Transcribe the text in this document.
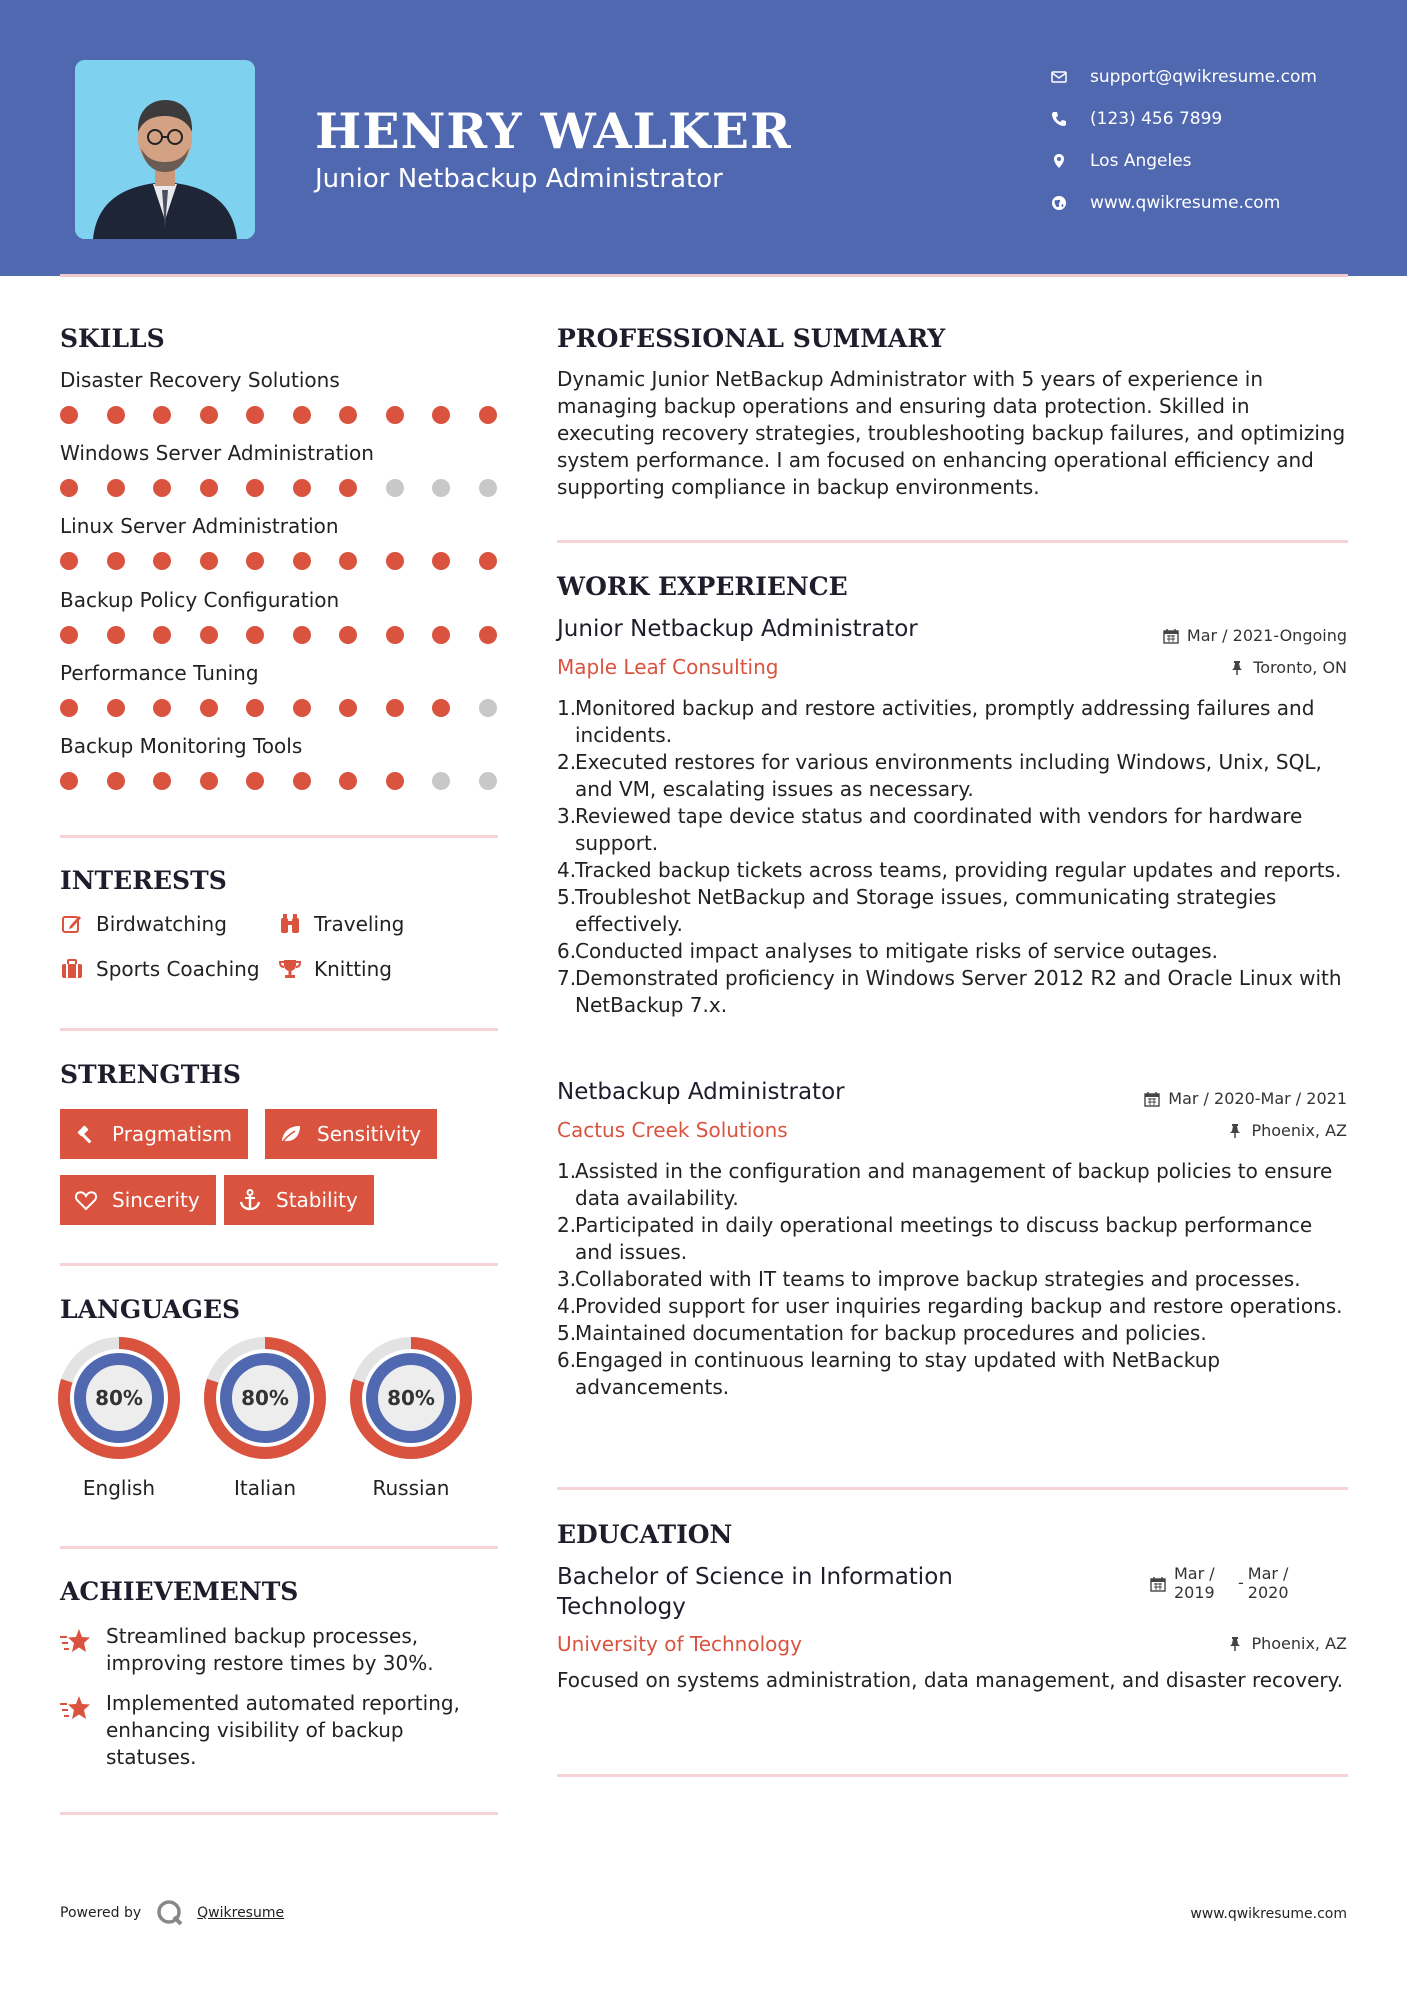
HENRY WALKER
Junior Netbackup Administrator
support@qwikresume.com
(123) 456 7899
Los Angeles
www.qwikresume.com
SKILLS
Disaster Recovery Solutions
Windows Server Administration
Linux Server Administration
Backup Policy Configuration
Performance Tuning
Backup Monitoring Tools
INTERESTS
Birdwatching	Traveling
Sports Coaching	Knitting
STRENGTHS
Pragmatism	Sensitivity
Sincerity	Stability
LANGUAGES
80%
English
80%
Italian
80%
Russian
ACHIEVEMENTS
Streamlined backup processes, improving restore times by 30%.
Implemented automated reporting, enhancing visibility of backup statuses.
PROFESSIONAL SUMMARY
Dynamic Junior NetBackup Administrator with 5 years of experience in managing backup operations and ensuring data protection. Skilled in executing recovery strategies, troubleshooting backup failures, and optimizing system performance. I am focused on enhancing operational efficiency and supporting compliance in backup environments.
WORK EXPERIENCE
Junior Netbackup Administrator	Mar / 2021-Ongoing
Maple Leaf Consulting	Toronto, ON
1.
Monitored backup and restore activities, promptly addressing failures and incidents.
2.
Executed restores for various environments including Windows, Unix, SQL, and VM, escalating issues as necessary.
3.
Reviewed tape device status and coordinated with vendors for hardware support.
4.
Tracked backup tickets across teams, providing regular updates and reports.
5.
Troubleshot NetBackup and Storage issues, communicating strategies effectively.
6.
Conducted impact analyses to mitigate risks of service outages.
7.
Demonstrated proficiency in Windows Server 2012 R2 and Oracle Linux with NetBackup 7.x.
Netbackup Administrator	Mar / 2020-Mar / 2021
Cactus Creek Solutions	Phoenix, AZ
1.
Assisted in the configuration and management of backup policies to ensure data availability.
2.
Participated in daily operational meetings to discuss backup performance and issues.
3.
Collaborated with IT teams to improve backup strategies and processes.
4.
Provided support for user inquiries regarding backup and restore operations.
5.
Maintained documentation for backup procedures and policies.
6.
Engaged in continuous learning to stay updated with NetBackup advancements.
EDUCATION
Bachelor of Science in Information Technology
Mar / 2019
- Mar / 2020
University of Technology	Phoenix, AZ
Focused on systems administration, data management, and disaster recovery.
Powered by	Qwikresume	www.qwikresume.com
